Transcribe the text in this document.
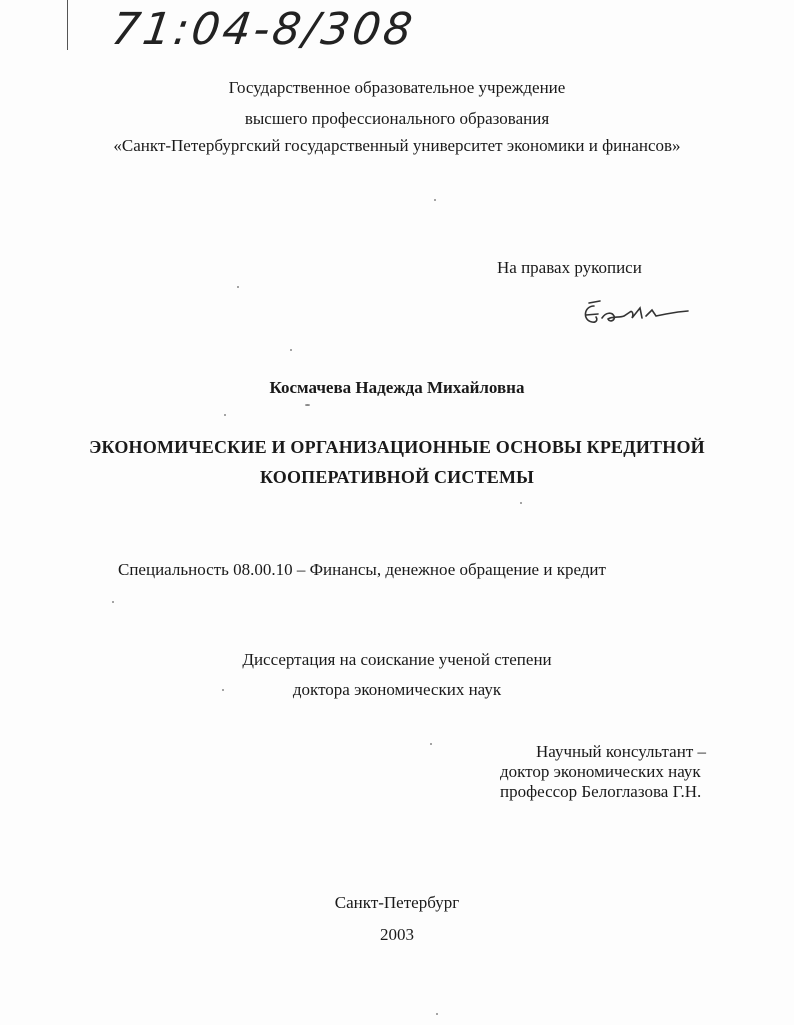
71:04-8/308
Государственное образовательное учреждение
высшего профессионального образования
«Санкт-Петербургский государственный университет экономики и финансов»
На правах рукописи
Космачева Надежда Михайловна
ЭКОНОМИЧЕСКИЕ И ОРГАНИЗАЦИОННЫЕ ОСНОВЫ КРЕДИТНОЙ
КООПЕРАТИВНОЙ СИСТЕМЫ
Специальность 08.00.10 – Финансы, денежное обращение и кредит
Диссертация на соискание ученой степени
доктора экономических наук
Научный консультант –
доктор экономических наук
профессор Белоглазова Г.Н.
Санкт-Петербург
2003
